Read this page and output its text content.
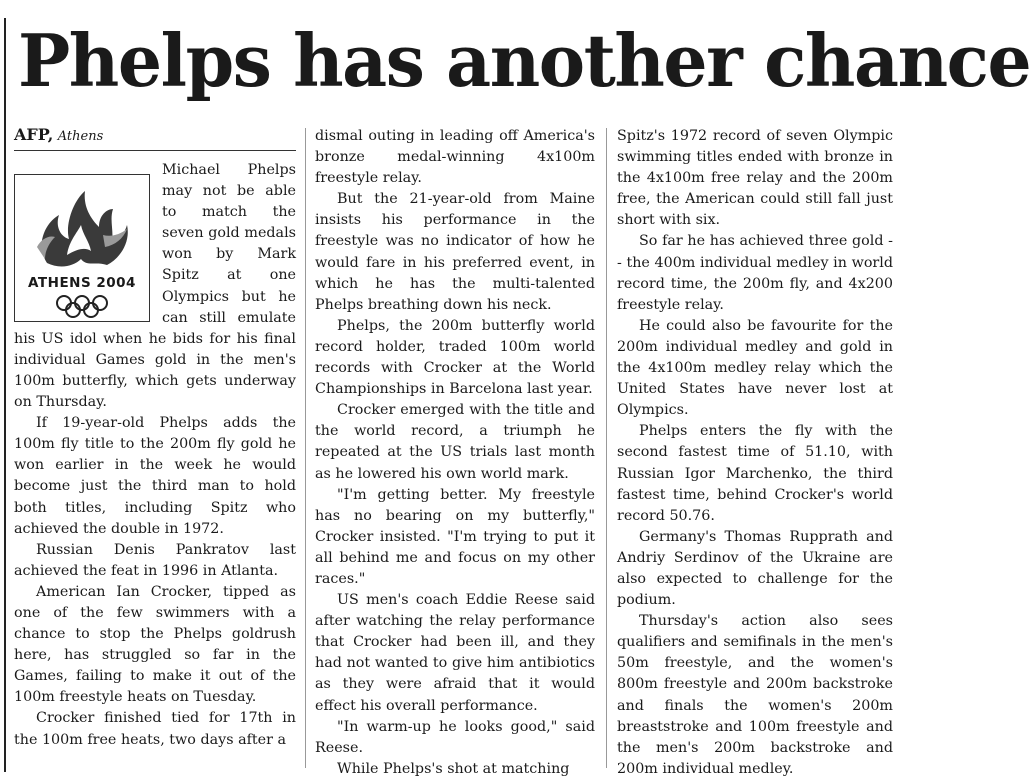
Phelps has another chance
AFP, Athens
ATHENS 2004

Michael Phelps may not be able to match the seven gold medals won by Mark Spitz at one Olympics but he can still emulate his US idol when he bids for his final individual Games gold in the men's 100m butterfly, which gets underway on Thursday.

If 19-year-old Phelps adds the 100m fly title to the 200m fly gold he won earlier in the week he would become just the third man to hold both titles, including Spitz who achieved the double in 1972.

Russian Denis Pankratov last achieved the feat in 1996 in Atlanta.

American Ian Crocker, tipped as one of the few swimmers with a chance to stop the Phelps goldrush here, has struggled so far in the Games, failing to make it out of the 100m freestyle heats on Tuesday.

Crocker finished tied for 17th in the 100m free heats, two days after a

dismal outing in leading off America's bronze medal-winning 4x100m freestyle relay.

But the 21-year-old from Maine insists his performance in the freestyle was no indicator of how he would fare in his preferred event, in which he has the multi-talented Phelps breathing down his neck.

Phelps, the 200m butterfly world record holder, traded 100m world records with Crocker at the World Championships in Barcelona last year.

Crocker emerged with the title and the world record, a triumph he repeated at the US trials last month as he lowered his own world mark.

"I'm getting better. My freestyle has no bearing on my butterfly," Crocker insisted. "I'm trying to put it all behind me and focus on my other races."

US men's coach Eddie Reese said after watching the relay performance that Crocker had been ill, and they had not wanted to give him antibiotics as they were afraid that it would effect his overall performance.

"In warm-up he looks good," said Reese.

While Phelps's shot at matching

Spitz's 1972 record of seven Olympic swimming titles ended with bronze in the 4x100m free relay and the 200m free, the American could still fall just short with six.

So far he has achieved three gold -- the 400m individual medley in world record time, the 200m fly, and 4x200 freestyle relay.

He could also be favourite for the 200m individual medley and gold in the 4x100m medley relay which the United States have never lost at Olympics.

Phelps enters the fly with the second fastest time of 51.10, with Russian Igor Marchenko, the third fastest time, behind Crocker's world record 50.76.

Germany's Thomas Rupprath and Andriy Serdinov of the Ukraine are also expected to challenge for the podium.

Thursday's action also sees qualifiers and semifinals in the men's 50m freestyle, and the women's 800m freestyle and 200m backstroke and finals the women's 200m breaststroke and 100m freestyle and the men's 200m backstroke and 200m individual medley.
